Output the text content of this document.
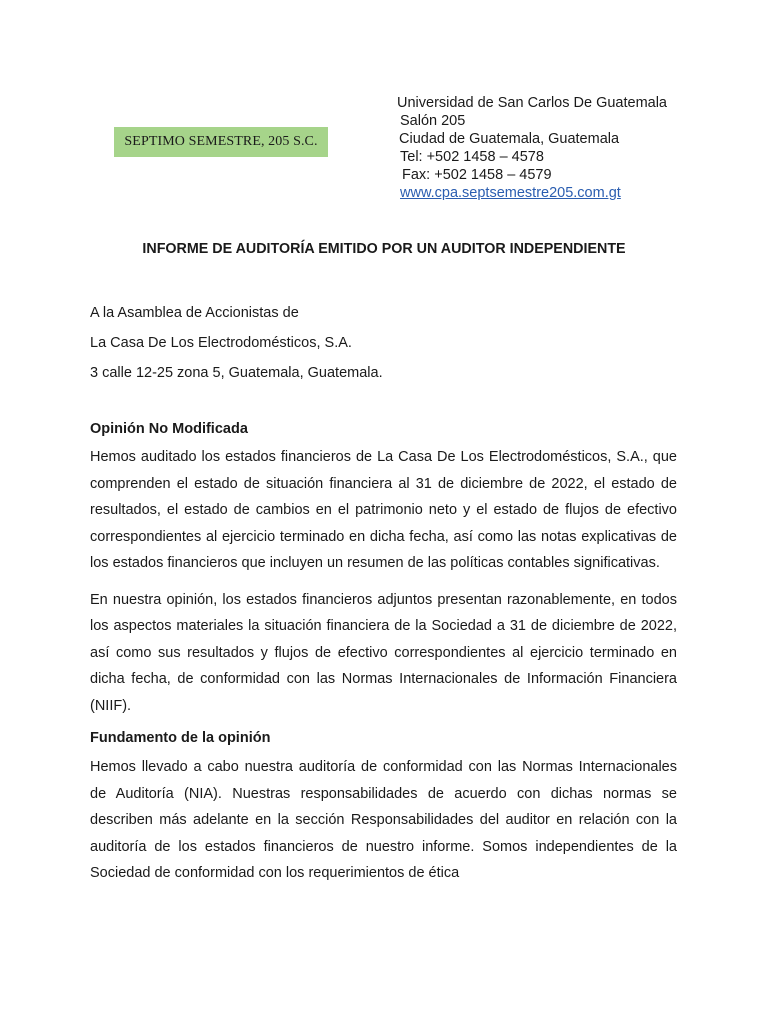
SEPTIMO SEMESTRE, 205 S.C.
Universidad de San Carlos De Guatemala
Salón 205
Ciudad de Guatemala, Guatemala
Tel: +502 1458 – 4578
Fax: +502 1458 – 4579
www.cpa.septsemestre205.com.gt
INFORME DE AUDITORÍA EMITIDO POR UN AUDITOR INDEPENDIENTE
A la Asamblea de Accionistas de
La Casa De Los Electrodomésticos, S.A.
3 calle 12-25 zona 5, Guatemala, Guatemala.
Opinión No Modificada

Hemos auditado los estados financieros de La Casa De Los Electrodomésticos, S.A., que comprenden el estado de situación financiera al 31 de diciembre de 2022, el estado de resultados, el estado de cambios en el patrimonio neto y el estado de flujos de efectivo correspondientes al ejercicio terminado en dicha fecha, así como las notas explicativas de los estados financieros que incluyen un resumen de las políticas contables significativas.

En nuestra opinión, los estados financieros adjuntos presentan razonablemente, en todos los aspectos materiales la situación financiera de la Sociedad a 31 de diciembre de 2022, así como sus resultados y flujos de efectivo correspondientes al ejercicio terminado en dicha fecha, de conformidad con las Normas Internacionales de Información Financiera (NIIF).

Fundamento de la opinión

Hemos llevado a cabo nuestra auditoría de conformidad con las Normas Internacionales de Auditoría (NIA). Nuestras responsabilidades de acuerdo con dichas normas se describen más adelante en la sección Responsabilidades del auditor en relación con la auditoría de los estados financieros de nuestro informe. Somos independientes de la Sociedad de conformidad con los requerimientos de ética
